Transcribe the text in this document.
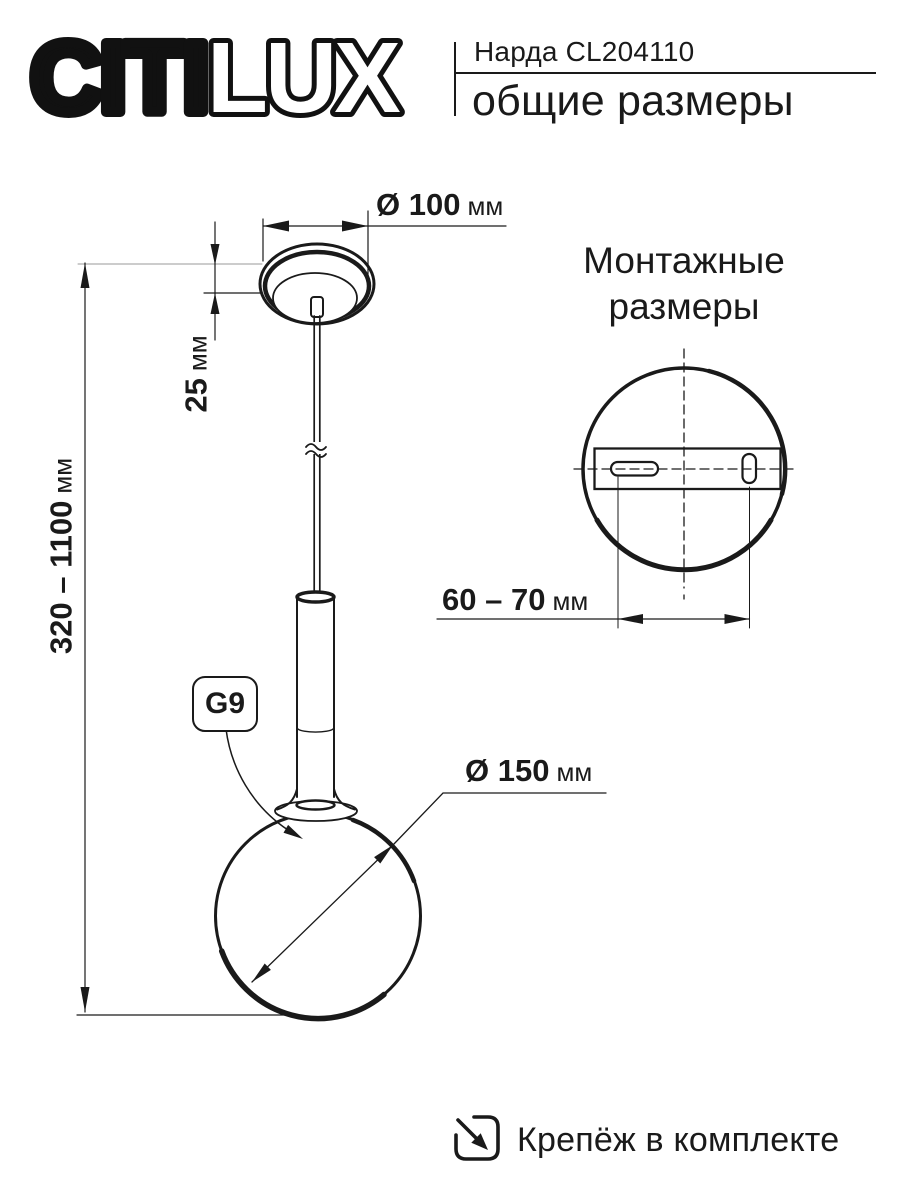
CITILUX	Нарда CL204110
общие размеры
Ø 100 мм
25мм
320 – 1100мм
Ø 150 мм
60 – 70 мм
Монтажные
размеры
G9
Крепёж в комплекте
